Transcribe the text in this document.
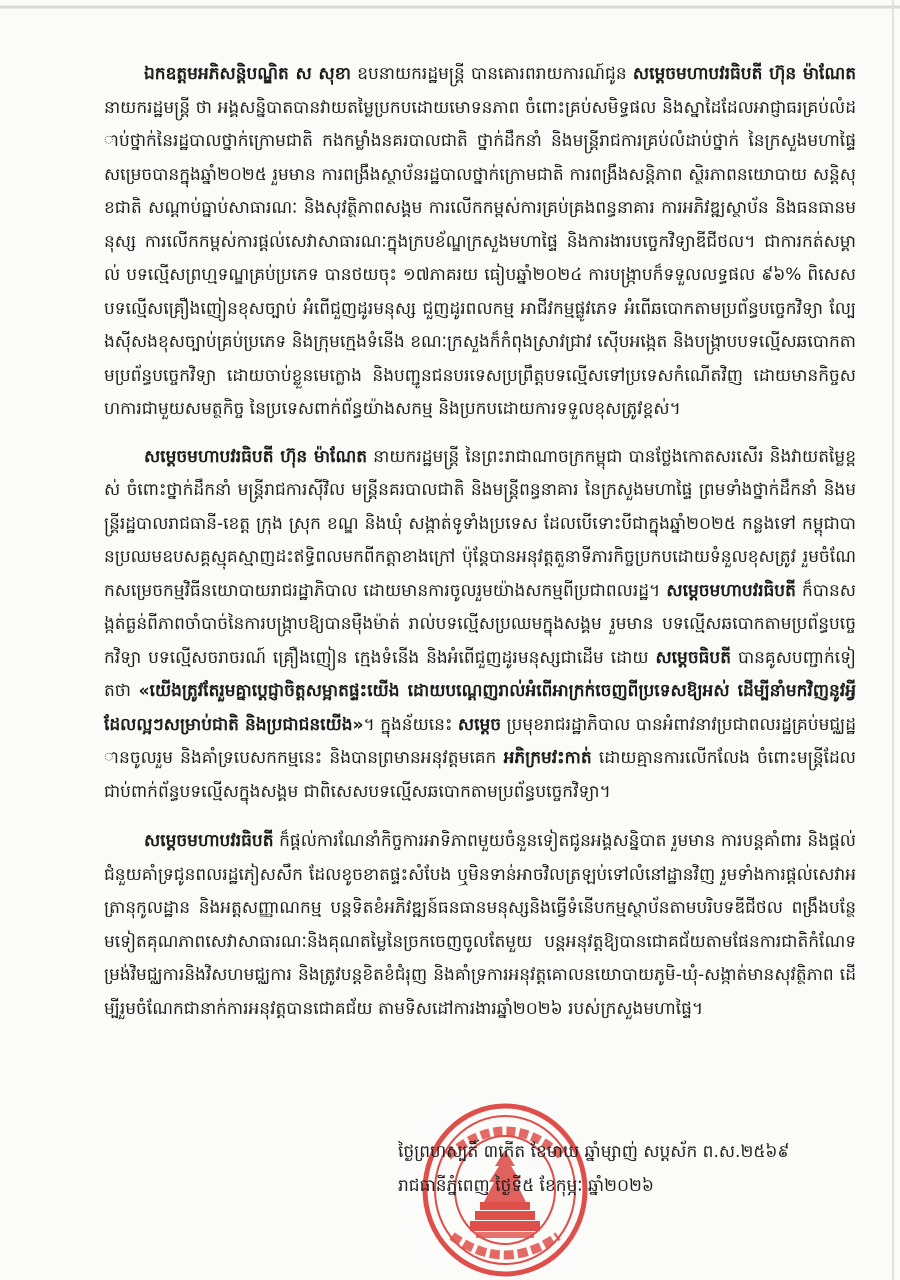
ឯកឧត្តមអភិសន្តិបណ្ឌិត ស សុខា ឧបនាយករដ្ឋមន្ត្រី បានគោរពរាយការណ៍ជូន សម្តេចមហាបវរធិបតី ហ៊ុន ម៉ាណែត នាយករដ្ឋមន្ត្រី ថា អង្គសន្និបាតបានវាយតម្លៃប្រកបដោយមោទនភាព ចំពោះគ្រប់សមិទ្ធផល និងស្នាដៃដែលអាជ្ញាធរគ្រប់លំដាប់ថ្នាក់នៃរដ្ឋបាលថ្នាក់ក្រោមជាតិ កងកម្លាំងនគរបាលជាតិ ថ្នាក់ដឹកនាំ និងមន្ត្រីរាជការគ្រប់លំដាប់ថ្នាក់ នៃក្រសួងមហាផ្ទៃ សម្រេចបានក្នុងឆ្នាំ២០២៥ រួមមាន ការពង្រឹងស្ថាប័នរដ្ឋបាលថ្នាក់ក្រោមជាតិ ការពង្រឹងសន្តិភាព ស្ថិរភាពនយោបាយ សន្តិសុខជាតិ សណ្តាប់ធ្នាប់សាធារណៈ និងសុវត្ថិភាពសង្គម ការលើកកម្ពស់ការគ្រប់គ្រងពន្ធនាគារ ការអភិវឌ្ឍស្ថាប័ន និងធនធានមនុស្ស ការលើកកម្ពស់ការផ្តល់សេវាសាធារណៈក្នុងក្របខ័ណ្ឌក្រសួងមហាផ្ទៃ និងការងារបច្ចេកវិទ្យាឌីជីថល។ ជាការកត់សម្គាល់ បទល្មើសព្រហ្មទណ្ឌគ្រប់ប្រភេទ បានថយចុះ ១៧ភាគរយ ធៀបឆ្នាំ២០២៤ ការបង្ក្រាបក៏ទទួលលទ្ធផល ៩៦% ពិសេសបទល្មើសគ្រឿងញៀនខុសច្បាប់ អំពើជួញដូរមនុស្ស ជួញដូរពលកម្ម អាជីវកម្មផ្លូវភេទ អំពើឆបោកតាមប្រព័ន្ធបច្ចេកវិទ្យា ល្បែងស៊ីសងខុសច្បាប់គ្រប់ប្រភេទ និងក្រុមក្មេងទំនើង ខណៈក្រសួងក៏កំពុងស្រាវជ្រាវ ស៊ើបអង្កេត និងបង្ក្រាបបទល្មើសឆបោកតាមប្រព័ន្ធបច្ចេកវិទ្យា ដោយចាប់ខ្លួនមេក្លោង និងបញ្ជូនជនបរទេសប្រព្រឹត្តបទល្មើសទៅប្រទេសកំណើតវិញ ដោយមានកិច្ចសហការជាមួយសមត្ថកិច្ច នៃប្រទេសពាក់ព័ន្ធយ៉ាងសកម្ម និងប្រកបដោយការទទួលខុសត្រូវខ្ពស់។

សម្តេចមហាបវរធិបតី ហ៊ុន ម៉ាណែត នាយករដ្ឋមន្ត្រី នៃព្រះរាជាណាចក្រកម្ពុជា បានថ្លែងកោតសរសើរ និងវាយតម្លៃខ្ពស់ ចំពោះថ្នាក់ដឹកនាំ មន្ត្រីរាជការស៊ីវិល មន្ត្រីនគរបាលជាតិ និងមន្ត្រីពន្ធនាគារ នៃក្រសួងមហាផ្ទៃ ព្រមទាំងថ្នាក់ដឹកនាំ និងមន្ត្រីរដ្ឋបាលរាជធានី-ខេត្ត ក្រុង ស្រុក ខណ្ឌ និងឃុំ សង្កាត់ទូទាំងប្រទេស ដែលបើទោះបីជាក្នុងឆ្នាំ២០២៥ កន្លងទៅ កម្ពុជាបានប្រឈមឧបសគ្គស្មុគស្មាញដះឥទ្ធិពលមកពីកត្តាខាងក្រៅ ប៉ុន្តែបានអនុវត្តតួនាទីភារកិច្ចប្រកបដោយទំនួលខុសត្រូវ រួមចំណែកសម្រេចកម្មវិធីនយោបាយរាជរដ្ឋាភិបាល ដោយមានការចូលរួមយ៉ាងសកម្មពីប្រជាពលរដ្ឋ។ សម្តេចមហាបវរធិបតី ក៏បានសង្កត់ធ្ងន់ពីភាពចាំបាច់នៃការបង្ក្រាបឱ្យបានម៉ឺងម៉ាត់ រាល់បទល្មើសប្រឈមក្នុងសង្គម រួមមាន បទល្មើសឆបោកតាមប្រព័ន្ធបច្ចេកវិទ្យា បទល្មើសចរាចរណ៍ គ្រឿងញៀន ក្មេងទំនើង និងអំពើជួញដូរមនុស្សជាដើម ដោយ សម្តេចធិបតី បានគូសបញ្ជាក់ទៀតថា «យើងត្រូវតែរួមគ្នាប្តេជ្ញាចិត្តសម្អាតផ្ទះយើង ដោយបណ្តេញរាល់អំពើអាក្រក់ចេញពីប្រទេសឱ្យអស់ ដើម្បីនាំមកវិញនូវអ្វីដែលល្អៗសម្រាប់ជាតិ និងប្រជាជនយើង»។ ក្នុងន័យនេះ សម្តេច ប្រមុខរាជរដ្ឋាភិបាល បានអំពាវនាវប្រជាពលរដ្ឋគ្រប់មជ្ឈដ្ឋានចូលរួម និងគាំទ្របេសកកម្មនេះ និងបានព្រមានអនុវត្តមគេក អភិក្រមវះកាត់ ដោយគ្មានការលើកលែង ចំពោះមន្ត្រីដែលជាប់ពាក់ព័ន្ធបទល្មើសក្នុងសង្គម ជាពិសេសបទល្មើសឆបោកតាមប្រព័ន្ធបច្ចេកវិទ្យា។

សម្តេចមហាបវរធិបតី ក៏ផ្តល់ការណែនាំកិច្ចការអាទិភាពមួយចំនួនទៀតជូនអង្គសន្និបាត រួមមាន ការបន្តគាំពារ និងផ្តល់ជំនួយគាំទ្រជូនពលរដ្ឋភៀសសឹក ដែលខូចខាតផ្ទះសំបែង ឬមិនទាន់អាចវិលត្រឡប់ទៅលំនៅដ្ឋានវិញ រួមទាំងការផ្តល់សេវាអត្រានុកូលដ្ឋាន និងអត្តសញ្ញាណកម្ម បន្តទិតខំអភិវឌ្ឍន៍ធនធានមនុស្សនិងធ្វើទំនើបកម្មស្ថាប័នតាមបរិបទឌីជីថល ពង្រឹងបន្ថែមទៀតគុណភាពសេវាសាធារណៈនិងគុណតម្លៃនៃច្រកចេញចូលតែមួយ បន្តអនុវត្តឱ្យបានជោគជ័យតាមផែនការជាតិកំណែទម្រង់វិមជ្ឈការនិងវិសហមជ្ឈការ និងត្រូវបន្តខិតខំជំរុញ និងគាំទ្រការអនុវត្តគោលនយោបាយភូមិ-ឃុំ-សង្កាត់មានសុវត្ថិភាព ដើម្បីរួមចំណែកជានាក់ការអនុវត្តបានជោគជ័យ តាមទិសដៅការងារឆ្នាំ២០២៦ របស់ក្រសួងមហាផ្ទៃ។

ថ្ងៃព្រហស្បតិ៍ ៣កើត ខែមាឃ ឆ្នាំម្សាញ់ សប្តស័ក ព.ស.២៥៦៩
រាជធានីភ្នំពេញ ថ្ងៃទី៥ ខែកុម្ភៈ ឆ្នាំ២០២៦
